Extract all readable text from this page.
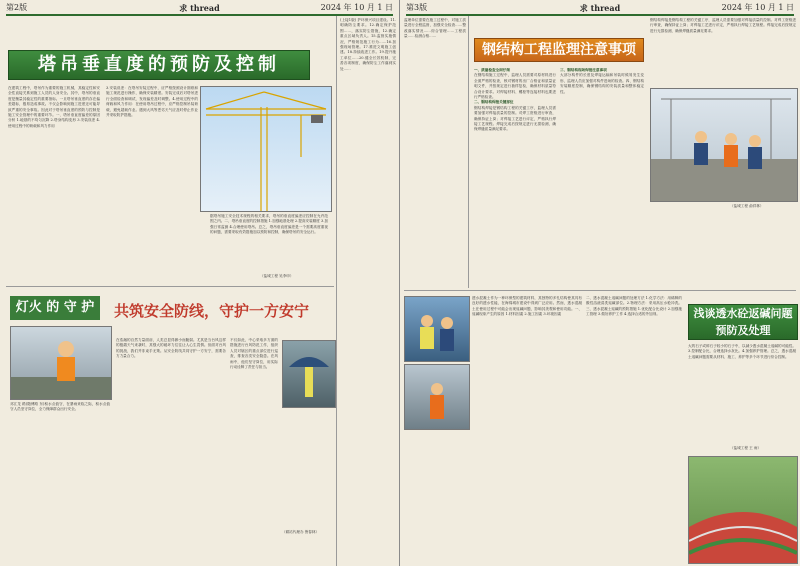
第2版	求 thread	2024 年 10 月 1 日
塔吊垂直度的预防及控制
在建筑工程中，塔吊作为重要的施工机械，其稳定性和安全性直接关系到施工人员的人身安全。其中，塔吊的垂直度是衡量其稳定性的重要指标。一旦塔吊垂直度的存在偏差超标，极易造成事故。不仅会影响到施工进度还可能导致严重的安全事故。因此对于塔吊垂直度的预防与控制是施工安全管理中的重要环节。一、塔吊垂直度偏差的原因分析 1.地基的不均匀沉降 2.塔身结构变形 3.安装误差 4.使用过程中的荷载和风力作用
3.安装误差：在塔吊安装过程中，应严格按照设计图纸和施工规范进行操作，确保安装精度。安装完成后对塔吊进行全面检查和调试，发现偏差及时调整。4.使用过程中的荷载和风力作用：在使用塔吊过程中，应严格控制吊装荷载，避免超载作业。遇到大风等恶劣天气应及时停止作业并采取防护措施。
据塔吊施工安全技术规程的相关要求，塔吊的垂直度偏差应控制在允许范围之内。二、塔吊垂直度的控制措施 1.加强地基处理 2.提高安装精度 3.加强日常监测 4.合理使用塔吊。总之，塔吊垂直度偏差是一个需要高度重视的问题，需要采取有效措施加以预防和控制，确保塔吊的安全运行。
（盐城工程 吴李申）
(上接1版) 护环保兴项目建设。11.明确防尘要求。12.确定保护范围……，落实防尘措施，12.确定重点区域负责人。15.监督实施情况，严格规范施工行为……16.加强现场管理。17.推进文明施工创建。18.持续改进工作。19.提升施工单位……20.健全长效机制，完善各项制度，确保防尘工作落到实处……
灯火 的 守 护
邓江龙 路(随博路 东)积水点值守，在暴雨来临之际，积水点值守人员坚守岗位，全力保障群众出行安全。
共筑安全防线，守护一方安宁
在浩瀚的自然力量面前，人类总显得渺小而脆弱。尤其是当台风这样的极端天气来袭时，其强大的破坏力往往让人心生畏惧。但面对台风的挑战，我们并非束手无策。从安全防线共同守护一方安宁，需要各方力量合力。
不仅如此，中心采取多方面的措施进行台风防范工作，组织人员对辖区的重点部位进行巡查，排查各类安全隐患。在风雨中，他们坚守岗位，用实际行动诠释了责任与担当。
（耕祐代理办 鲁春林）
第3版	求 thread	2024 年 10 月 1 日
监理单位需要在施工过程中，对施工质量进行全程监督，加强安全检查……整改落实情况……综合管理……工程质量……检测合格……
钢结构工程监理注意事项
一、质量检查全面仔细
在钢结构施工过程中，监理人员需要对原材料进行全面严格的检查，核对钢材的出厂合格证和质量证明文件，并按规定进行抽样复检，确保材料质量符合设计要求。对焊接材料、螺栓等连接材料也要进行严格检查。
二、钢结构焊接关键部位
钢结构焊接是钢结构工程的关键工序，监理人员需要加强对焊接质量的控制。对焊工资格进行审查，确保持证上岗；对焊接工艺进行评定，严格执行焊接工艺规程。焊接完成后按规定进行无损检测，确保焊缝质量满足要求。
三、钢结构现场焊接注意事项
大部分构件的长度及焊接运输和吊装时候易发生变形，监理人员应加强对构件进场的检查。四、钢结构安装精度控制，确保钢结构的安装质量和整体稳定性。
钢结构焊接是钢结构工程的关键工序，监理人员需要加强对焊接质量的控制。对焊工资格进行审查，确保持证上岗；对焊接工艺进行评定，严格执行焊接工艺规程。焊接完成后按规定进行无损检测，确保焊缝质量满足要求。
（盐城工程 俞祥林）
透水混凝土作为一种环保型的建筑材料，其独特的多孔结构使其具有良好的透水性能，在海绵城市建设中得到广泛应用。然而，透水混凝土在使用过程中可能会出现返碱问题，影响其美观和使用功能。一、返碱现象产生的原因 1.材料因素 2.施工因素 3.环境因素
二、透水混凝土返碱问题的处理方法 1.化学方法：用稀释的酸性溶液清洗返碱部位。2.物理方法：采用高压水枪冲洗。三、透水混凝土返碱的预防措施 1.优化配合比设计 2.加强施工管理 3.做好养护工作 4.选择合适的外加剂。	浅谈透水砼返碱问题预防及处理
大的石子或碎石子较小的石子中，以减少透水混凝土返碱的可能性。3.控制配合比，合理选择水灰比。4.加强养护管理。总之，透水混凝土返碱问题需要从材料、施工、养护等多个环节进行综合控制。
（盐城工程 王 雨）
